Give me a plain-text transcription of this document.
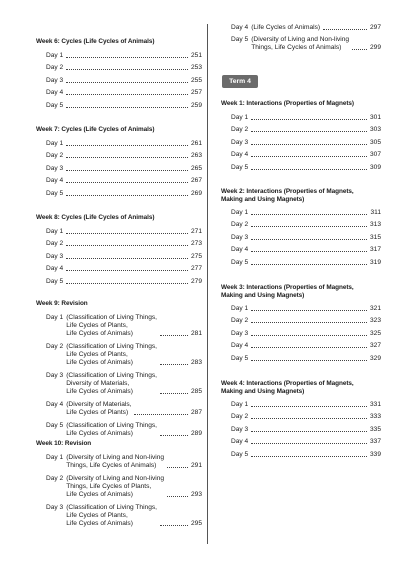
Week 6: Cycles (Life Cycles of Animals)
Day 1	251
Day 2	253
Day 3	255
Day 4	257
Day 5	259
Week 7: Cycles (Life Cycles of Animals)
Day 1	261
Day 2	263
Day 3	265
Day 4	267
Day 5	269
Week 8: Cycles (Life Cycles of Animals)
Day 1	271
Day 2	273
Day 3	275
Day 4	277
Day 5	279
Week 9: Revision
Day 1 (Classification of Living Things,
Life Cycles of Plants,
Life Cycles of Animals)	281
Day 2 (Classification of Living Things,
Life Cycles of Plants,
Life Cycles of Animals)	283
Day 3 (Classification of Living Things,
Diversity of Materials,
Life Cycles of Animals)	285
Day 4 (Diversity of Materials,
Life Cycles of Plants)	287
Day 5 (Classification of Living Things,
Life Cycles of Animals)	289
Week 10: Revision
Day 1 (Diversity of Living and Non-living
Things, Life Cycles of Animals)	291
Day 2 (Diversity of Living and Non-living
Things, Life Cycles of Plants,
Life Cycles of Animals)	293
Day 3 (Classification of Living Things,
Life Cycles of Plants,
Life Cycles of Animals)	295
Day 4 (Life Cycles of Animals)	297
Day 5 (Diversity of Living and Non-living
Things, Life Cycles of Animals)	299
Term 4
Week 1: Interactions (Properties of Magnets)
Day 1	301
Day 2	303
Day 3	305
Day 4	307
Day 5	309
Week 2: Interactions (Properties of Magnets,
Making and Using Magnets)
Day 1	311
Day 2	313
Day 3	315
Day 4	317
Day 5	319
Week 3: Interactions (Properties of Magnets,
Making and Using Magnets)
Day 1	321
Day 2	323
Day 3	325
Day 4	327
Day 5	329
Week 4: Interactions (Properties of Magnets,
Making and Using Magnets)
Day 1	331
Day 2	333
Day 3	335
Day 4	337
Day 5	339
